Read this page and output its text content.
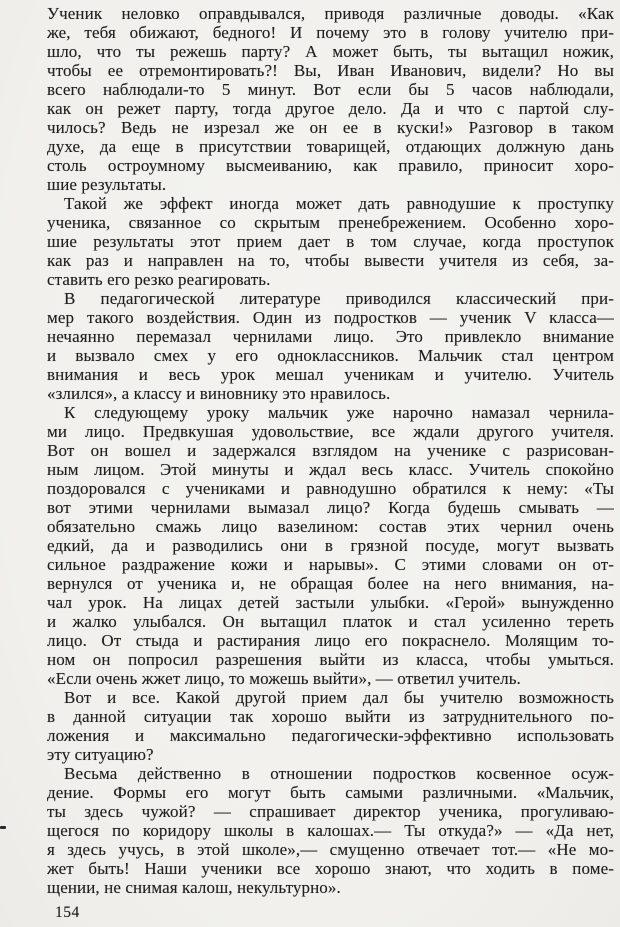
Ученик неловко оправдывался, приводя различные доводы. «Как
же, тебя обижают, бедного! И почему это в голову учителю при-
шло, что ты режешь парту? А может быть, ты вытащил ножик,
чтобы ее отремонтировать?! Вы, Иван Иванович, видели? Но вы
всего наблюдали-то 5 минут. Вот если бы 5 часов наблюдали,
как он режет парту, тогда другое дело. Да и что с партой слу-
чилось? Ведь не изрезал же он ее в куски!» Разговор в таком
духе, да еще в присутствии товарищей, отдающих должную дань
столь остроумному высмеиванию, как правило, приносит хоро-
шие результаты.
Такой же эффект иногда может дать равнодушие к проступку
ученика, связанное со скрытым пренебрежением. Особенно хоро-
шие результаты этот прием дает в том случае, когда проступок
как раз и направлен на то, чтобы вывести учителя из себя, за-
ставить его резко реагировать.
В педагогической литературе приводился классический при-
мер такого воздействия. Один из подростков — ученик V класса—
нечаянно перемазал чернилами лицо. Это привлекло внимание
и вызвало смех у его одноклассников. Мальчик стал центром
внимания и весь урок мешал ученикам и учителю. Учитель
«злился», а классу и виновнику это нравилось.
К следующему уроку мальчик уже нарочно намазал чернила-
ми лицо. Предвкушая удовольствие, все ждали другого учителя.
Вот он вошел и задержался взглядом на ученике с разрисован-
ным лицом. Этой минуты и ждал весь класс. Учитель спокойно
поздоровался с учениками и равнодушно обратился к нему: «Ты
вот этими чернилами вымазал лицо? Когда будешь смывать —
обязательно смажь лицо вазелином: состав этих чернил очень
едкий, да и разводились они в грязной посуде, могут вызвать
сильное раздражение кожи и нарывы». С этими словами он от-
вернулся от ученика и, не обращая более на него внимания, на-
чал урок. На лицах детей застыли улыбки. «Герой» вынужденно
и жалко улыбался. Он вытащил платок и стал усиленно тереть
лицо. От стыда и растирания лицо его покраснело. Молящим то-
ном он попросил разрешения выйти из класса, чтобы умыться.
«Если очень жжет лицо, то можешь выйти», — ответил учитель.
Вот и все. Какой другой прием дал бы учителю возможность
в данной ситуации так хорошо выйти из затруднительного по-
ложения и максимально педагогически-эффективно использовать
эту ситуацию?
Весьма действенно в отношении подростков косвенное осуж-
дение. Формы его могут быть самыми различными. «Мальчик,
ты здесь чужой? — спрашивает директор ученика, прогуливаю-
щегося по коридору школы в калошах.— Ты откуда?» — «Да нет,
я здесь учусь, в этой школе»,— смущенно отвечает тот.— «Не мо-
жет быть! Наши ученики все хорошо знают, что ходить в поме-
щении, не снимая калош, некультурно».
154
